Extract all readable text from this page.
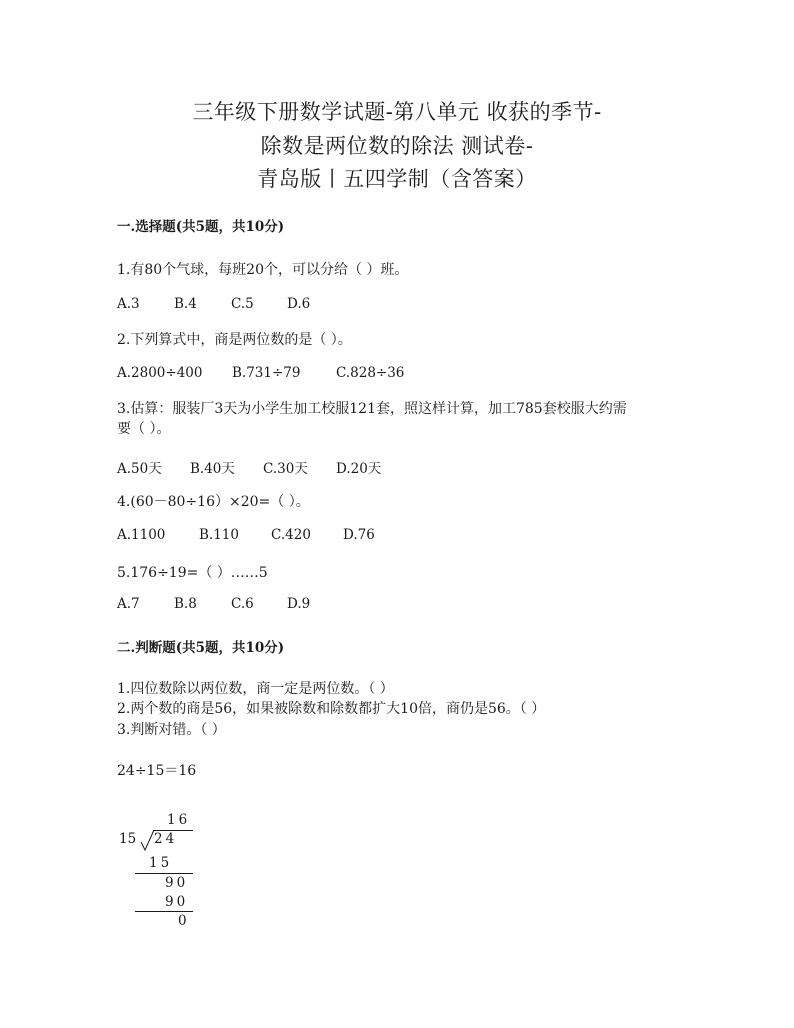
三年级下册数学试题-第八单元 收获的季节-
除数是两位数的除法 测试卷-
青岛版丨五四学制（含答案）
一.选择题(共5题，共10分)
1.有80个气球，每班20个，可以分给（ ）班。
A.3	B.4	C.5 D.6
2.下列算式中，商是两位数的是（ ）。
A.2800÷400 B.731÷79	C.828÷36
3.估算：服装厂3天为小学生加工校服121套，照这样计算，加工785套校服大约需
要（ ）。
A.50天 B.40天 C.30天 D.20天
4.(60－80÷16）×20=（ ）。
A.1100 B.110 C.420 D.76
5.176÷19=（ ）……5
A.7	B.8	C.6 D.9
二.判断题(共5题，共10分)
1.四位数除以两位数，商一定是两位数。（ ）
2.两个数的商是56，如果被除数和除数都扩大10倍，商仍是56。（ ）
3.判断对错。（ ）
24÷15＝16
16
15 24
15
90
90
0
